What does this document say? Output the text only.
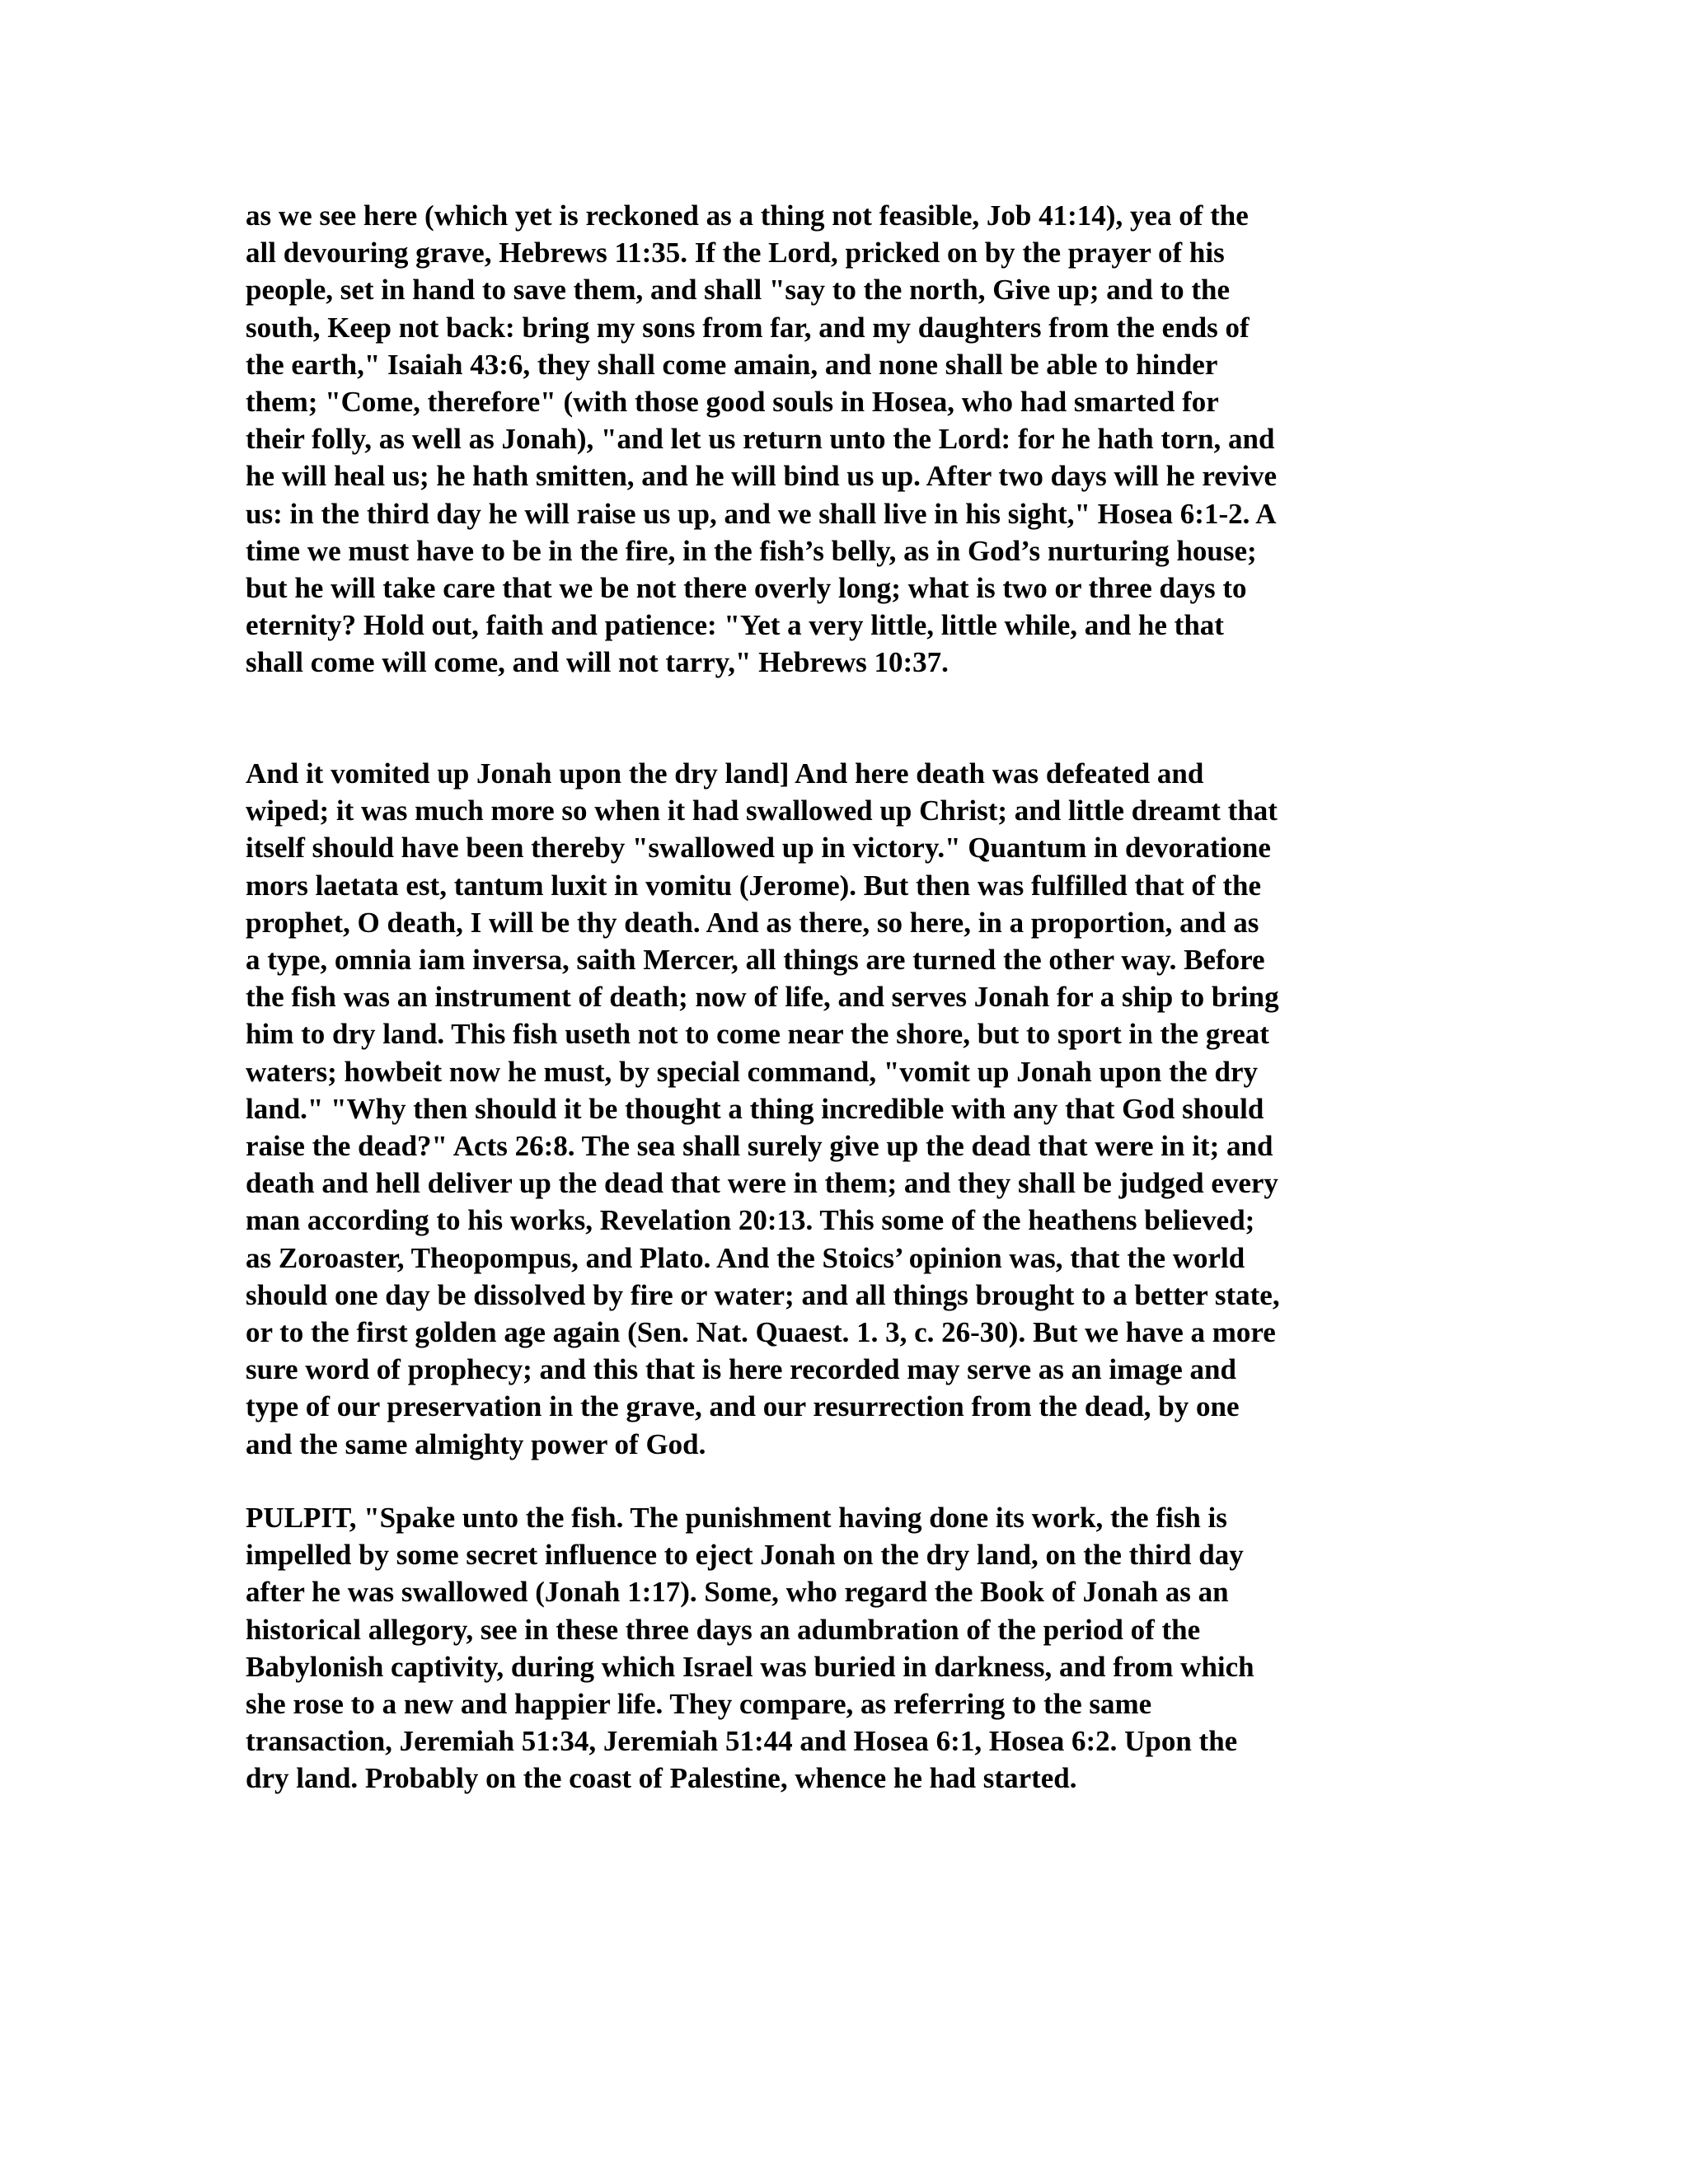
as we see here (which yet is reckoned as a thing not feasible, Job 41:14), yea of the
all devouring grave, Hebrews 11:35. If the Lord, pricked on by the prayer of his
people, set in hand to save them, and shall "say to the north, Give up; and to the
south, Keep not back: bring my sons from far, and my daughters from the ends of
the earth," Isaiah 43:6, they shall come amain, and none shall be able to hinder
them; "Come, therefore" (with those good souls in Hosea, who had smarted for
their folly, as well as Jonah), "and let us return unto the Lord: for he hath torn, and
he will heal us; he hath smitten, and he will bind us up. After two days will he revive
us: in the third day he will raise us up, and we shall live in his sight," Hosea 6:1-2. A
time we must have to be in the fire, in the fish’s belly, as in God’s nurturing house;
but he will take care that we be not there overly long; what is two or three days to
eternity? Hold out, faith and patience: "Yet a very little, little while, and he that
shall come will come, and will not tarry," Hebrews 10:37.
And it vomited up Jonah upon the dry land] And here death was defeated and
wiped; it was much more so when it had swallowed up Christ; and little dreamt that
itself should have been thereby "swallowed up in victory." Quantum in devoratione
mors laetata est, tantum luxit in vomitu (Jerome). But then was fulfilled that of the
prophet, O death, I will be thy death. And as there, so here, in a proportion, and as
a type, omnia iam inversa, saith Mercer, all things are turned the other way. Before
the fish was an instrument of death; now of life, and serves Jonah for a ship to bring
him to dry land. This fish useth not to come near the shore, but to sport in the great
waters; howbeit now he must, by special command, "vomit up Jonah upon the dry
land." "Why then should it be thought a thing incredible with any that God should
raise the dead?" Acts 26:8. The sea shall surely give up the dead that were in it; and
death and hell deliver up the dead that were in them; and they shall be judged every
man according to his works, Revelation 20:13. This some of the heathens believed;
as Zoroaster, Theopompus, and Plato. And the Stoics’ opinion was, that the world
should one day be dissolved by fire or water; and all things brought to a better state,
or to the first golden age again (Sen. Nat. Quaest. 1. 3, c. 26-30). But we have a more
sure word of prophecy; and this that is here recorded may serve as an image and
type of our preservation in the grave, and our resurrection from the dead, by one
and the same almighty power of God.
PULPIT, "Spake unto the fish. The punishment having done its work, the fish is
impelled by some secret influence to eject Jonah on the dry land, on the third day
after he was swallowed (Jonah 1:17). Some, who regard the Book of Jonah as an
historical allegory, see in these three days an adumbration of the period of the
Babylonish captivity, during which Israel was buried in darkness, and from which
she rose to a new and happier life. They compare, as referring to the same
transaction, Jeremiah 51:34, Jeremiah 51:44 and Hosea 6:1, Hosea 6:2. Upon the
dry land. Probably on the coast of Palestine, whence he had started.
